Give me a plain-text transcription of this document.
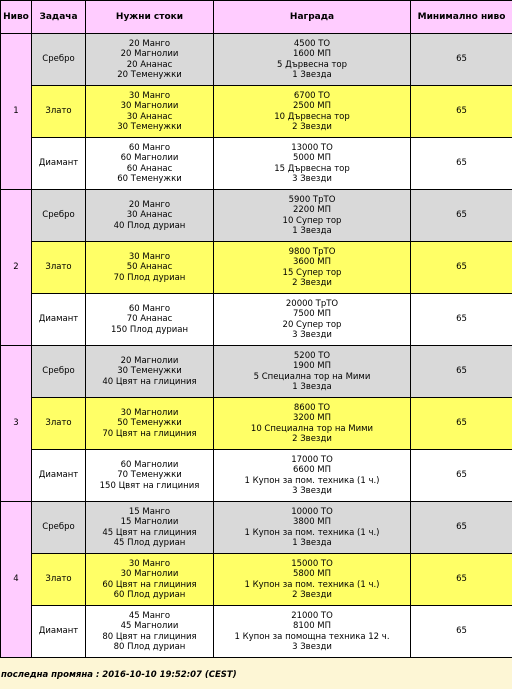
Ниво	Задача	Нужни стоки	Награда	Минимално ниво
1	Сребро	20 Манго
20 Магнолии
20 Ананас
20 Теменужки	4500 ТО
1600 МП
5 Дървесна тор
1 Звезда	65
	Злато	30 Манго
30 Магнолии
30 Ананас
30 Теменужки	6700 ТО
2500 МП
10 Дървесна тор
2 Звезди	65
	Диамант	60 Манго
60 Магнолии
60 Ананас
60 Теменужки	13000 ТО
5000 МП
15 Дървесна тор
3 Звезди	65
2	Сребро	20 Манго
30 Ананас
40 Плод дуриан	5900 ТрТО
2200 МП
10 Супер тор
1 Звезда	65
	Злато	30 Манго
50 Ананас
70 Плод дуриан	9800 ТрТО
3600 МП
15 Супер тор
2 Звезди	65
	Диамант	60 Манго
70 Ананас
150 Плод дуриан	20000 ТрТО
7500 МП
20 Супер тор
3 Звезди	65
3	Сребро	20 Магнолии
30 Теменужки
40 Цвят на глициния	5200 ТО
1900 МП
5 Специална тор на Мими
1 Звезда	65
	Злато	30 Магнолии
50 Теменужки
70 Цвят на глициния	8600 ТО
3200 МП
10 Специална тор на Мими
2 Звезди	65
	Диамант	60 Магнолии
70 Теменужки
150 Цвят на глициния	17000 ТО
6600 МП
1 Купон за пом. техника (1 ч.)
3 Звезди	65
4	Сребро	15 Манго
15 Магнолии
45 Цвят на глициния
45 Плод дуриан	10000 ТО
3800 МП
1 Купон за пом. техника (1 ч.)
1 Звезда	65
	Злато	30 Манго
30 Магнолии
60 Цвят на глициния
60 Плод дуриан	15000 ТО
5800 МП
1 Купон за пом. техника (1 ч.)
2 Звезди	65
	Диамант	45 Манго
45 Магнолии
80 Цвят на глициния
80 Плод дуриан	21000 ТО
8100 МП
1 Купон за помощна техника 12 ч.
3 Звезди	65
последна промяна : 2016-10-10 19:52:07 (CEST)
